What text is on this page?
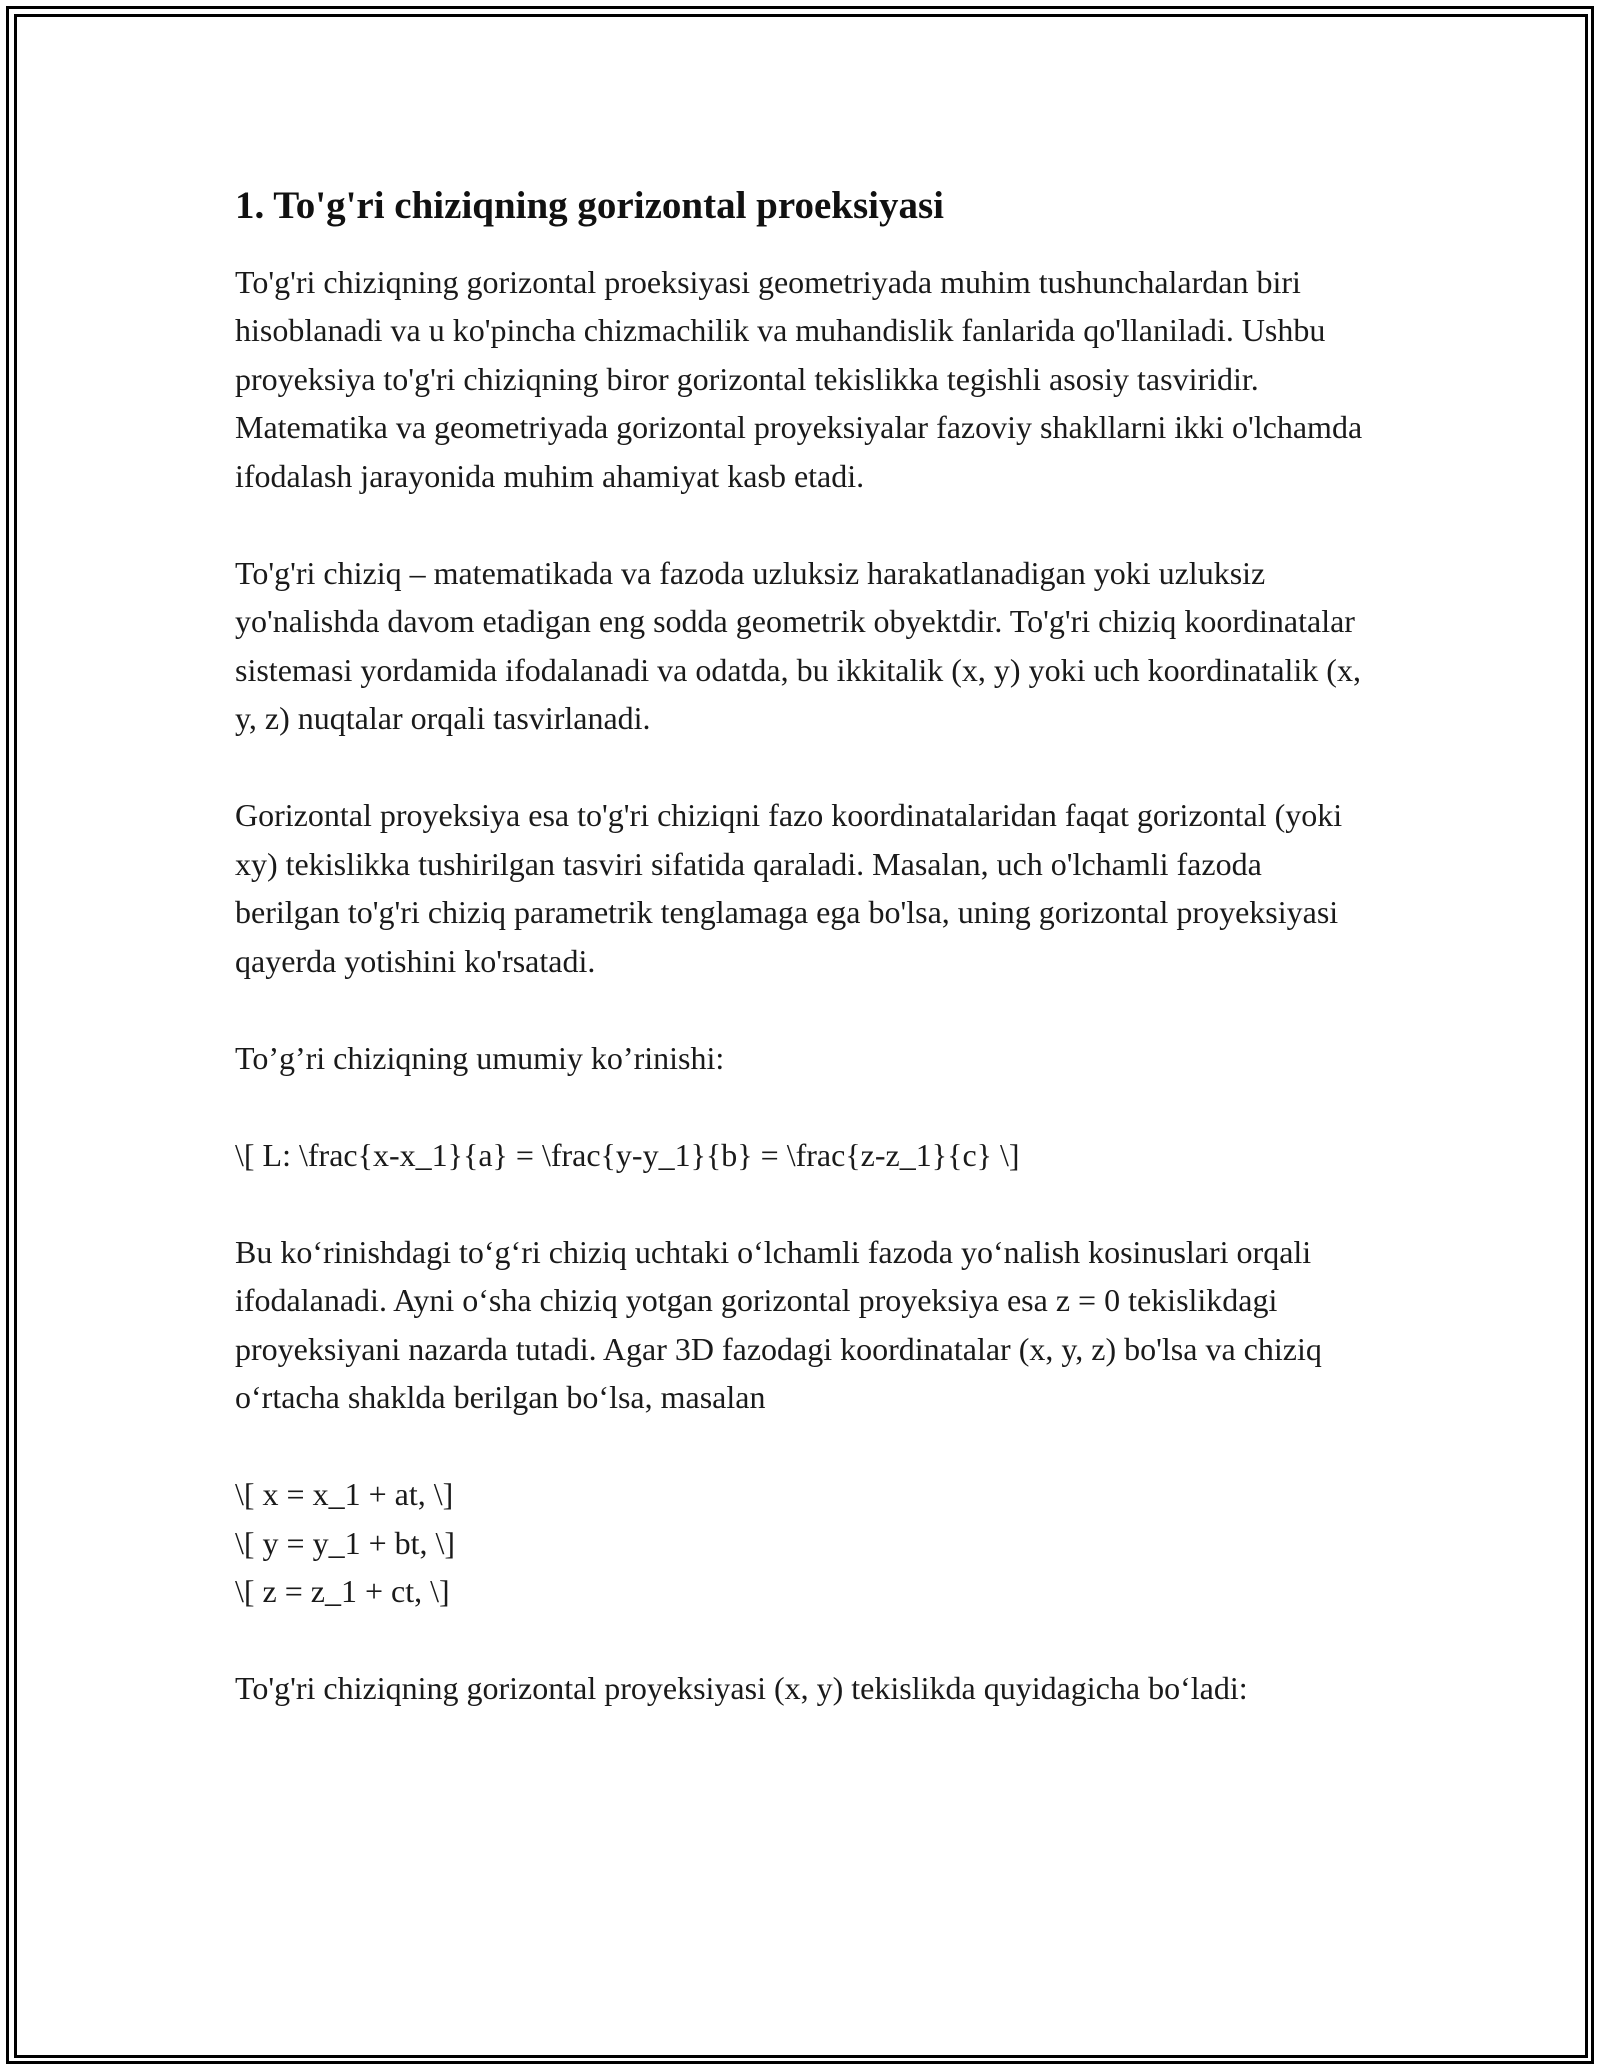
1. To'g'ri chiziqning gorizontal proeksiyasi

To'g'ri chiziqning gorizontal proeksiyasi geometriyada muhim tushunchalardan biri hisoblanadi va u ko'pincha chizmachilik va muhandislik fanlarida qo'llaniladi. Ushbu proyeksiya to'g'ri chiziqning biror gorizontal tekislikka tegishli asosiy tasviridir. Matematika va geometriyada gorizontal proyeksiyalar fazoviy shakllarni ikki o'lchamda ifodalash jarayonida muhim ahamiyat kasb etadi.

To'g'ri chiziq – matematikada va fazoda uzluksiz harakatlanadigan yoki uzluksiz yo'nalishda davom etadigan eng sodda geometrik obyektdir. To'g'ri chiziq koordinatalar sistemasi yordamida ifodalanadi va odatda, bu ikkitalik (x, y) yoki uch koordinatalik (x, y, z) nuqtalar orqali tasvirlanadi.

Gorizontal proyeksiya esa to'g'ri chiziqni fazo koordinatalaridan faqat gorizontal (yoki xy) tekislikka tushirilgan tasviri sifatida qaraladi. Masalan, uch o'lchamli fazoda berilgan to'g'ri chiziq parametrik tenglamaga ega bo'lsa, uning gorizontal proyeksiyasi qayerda yotishini ko'rsatadi.

To’g’ri chiziqning umumiy ko’rinishi:

\[ L: \frac{x-x_1}{a} = \frac{y-y_1}{b} = \frac{z-z_1}{c} \]

Bu ko‘rinishdagi to‘g‘ri chiziq uchtaki o‘lchamli fazoda yo‘nalish kosinuslari orqali ifodalanadi. Ayni o‘sha chiziq yotgan gorizontal proyeksiya esa z = 0 tekislikdagi proyeksiyani nazarda tutadi. Agar 3D fazodagi koordinatalar (x, y, z) bo'lsa va chiziq o‘rtacha shaklda berilgan bo‘lsa, masalan

\[ x = x_1 + at, \]
\[ y = y_1 + bt, \]
\[ z = z_1 + ct, \]

To'g'ri chiziqning gorizontal proyeksiyasi (x, y) tekislikda quyidagicha bo‘ladi:
